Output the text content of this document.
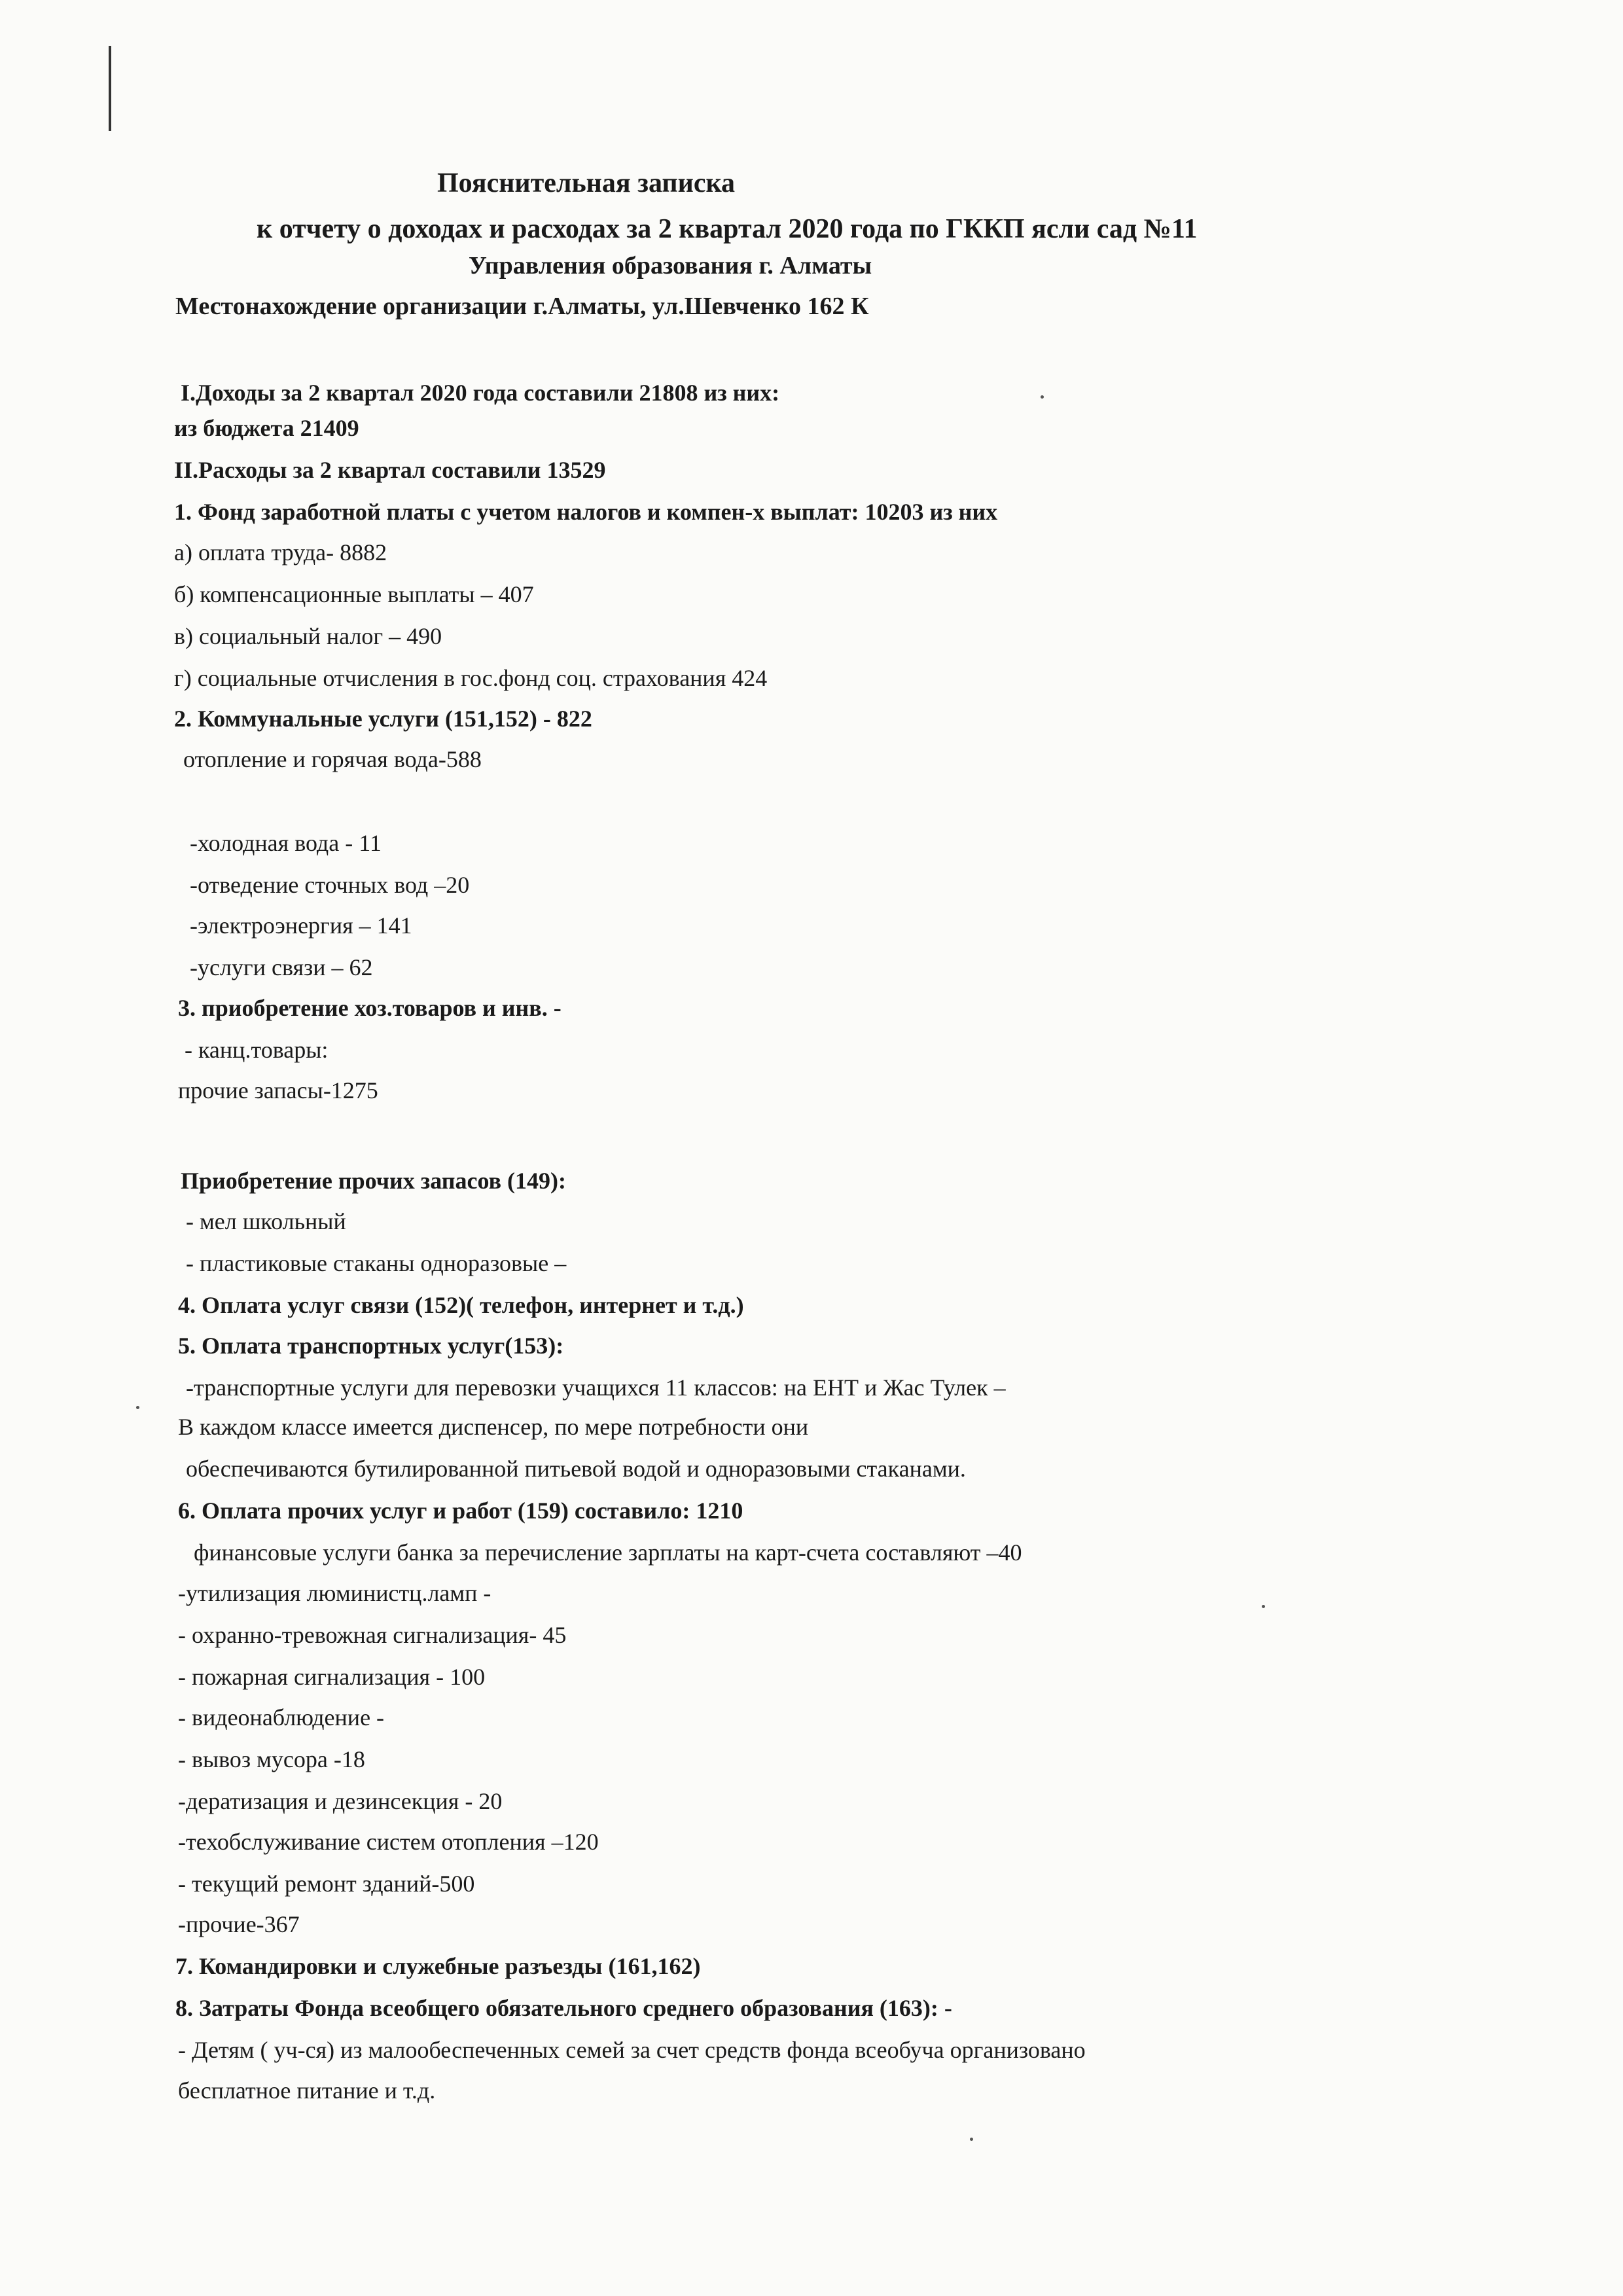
Пояснительная записка
к отчету о доходах и расходах за 2 квартал 2020 года по ГККП ясли сад №11
Управления образования г. Алматы
Местонахождение организации г.Алматы, ул.Шевченко 162 К
I.Доходы за 2 квартал 2020 года составили 21808 из них:
из бюджета 21409
II.Расходы за 2 квартал составили 13529
1. Фонд заработной платы с учетом налогов и компен-х выплат: 10203 из них
а) оплата труда- 8882
б) компенсационные выплаты – 407
в) социальный налог – 490
г) социальные отчисления в гос.фонд соц. страхования 424
2. Коммунальные услуги (151,152) - 822
отопление и горячая вода-588
-холодная вода - 11
-отведение сточных вод –20
-электроэнергия – 141
-услуги связи – 62
3. приобретение хоз.товаров и инв. -
- канц.товары:
прочие запасы-1275
Приобретение прочих запасов (149):
- мел школьный
- пластиковые стаканы одноразовые –
4. Оплата услуг связи (152)( телефон, интернет и т.д.)
5. Оплата транспортных услуг(153):
-транспортные услуги для перевозки учащихся 11 классов: на ЕНТ и Жас Тулек –
В каждом классе имеется диспенсер, по мере потребности они
обеспечиваются бутилированной питьевой водой и одноразовыми стаканами.
6. Оплата прочих услуг и работ (159) составило: 1210
финансовые услуги банка за перечисление зарплаты на карт-счета составляют –40
-утилизация люминистц.ламп -
- охранно-тревожная сигнализация- 45
- пожарная сигнализация - 100
- видеонаблюдение -
- вывоз мусора -18
-дератизация и дезинсекция - 20
-техобслуживание систем отопления –120
- текущий ремонт зданий-500
-прочие-367
7. Командировки и служебные разъезды (161,162)
8. Затраты Фонда всеобщего обязательного среднего образования (163): -
- Детям ( уч-ся) из малообеспеченных семей за счет средств фонда всеобуча организовано
бесплатное питание и т.д.
